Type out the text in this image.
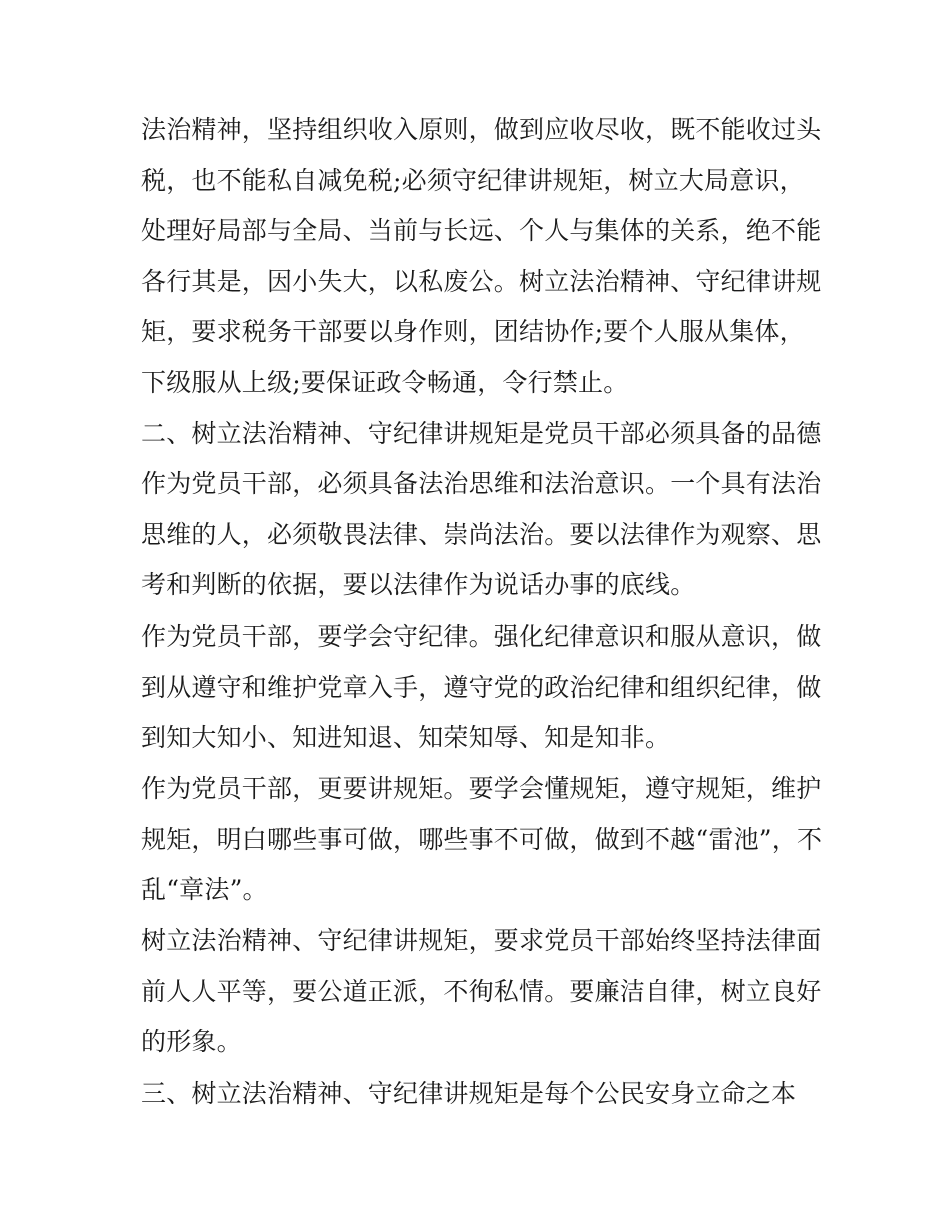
法治精神，坚持组织收入原则，做到应收尽收，既不能收过头
税，也不能私自减免税;必须守纪律讲规矩，树立大局意识，
处理好局部与全局、当前与长远、个人与集体的关系，绝不能
各行其是，因小失大，以私废公。树立法治精神、守纪律讲规
矩，要求税务干部要以身作则，团结协作;要个人服从集体，
下级服从上级;要保证政令畅通，令行禁止。
二、树立法治精神、守纪律讲规矩是党员干部必须具备的品德
作为党员干部，必须具备法治思维和法治意识。一个具有法治
思维的人，必须敬畏法律、崇尚法治。要以法律作为观察、思
考和判断的依据，要以法律作为说话办事的底线。
作为党员干部，要学会守纪律。强化纪律意识和服从意识，做
到从遵守和维护党章入手，遵守党的政治纪律和组织纪律，做
到知大知小、知进知退、知荣知辱、知是知非。
作为党员干部，更要讲规矩。要学会懂规矩，遵守规矩，维护
规矩，明白哪些事可做，哪些事不可做，做到不越“雷池”，不
乱“章法”。
树立法治精神、守纪律讲规矩，要求党员干部始终坚持法律面
前人人平等，要公道正派，不徇私情。要廉洁自律，树立良好
的形象。
三、树立法治精神、守纪律讲规矩是每个公民安身立命之本
